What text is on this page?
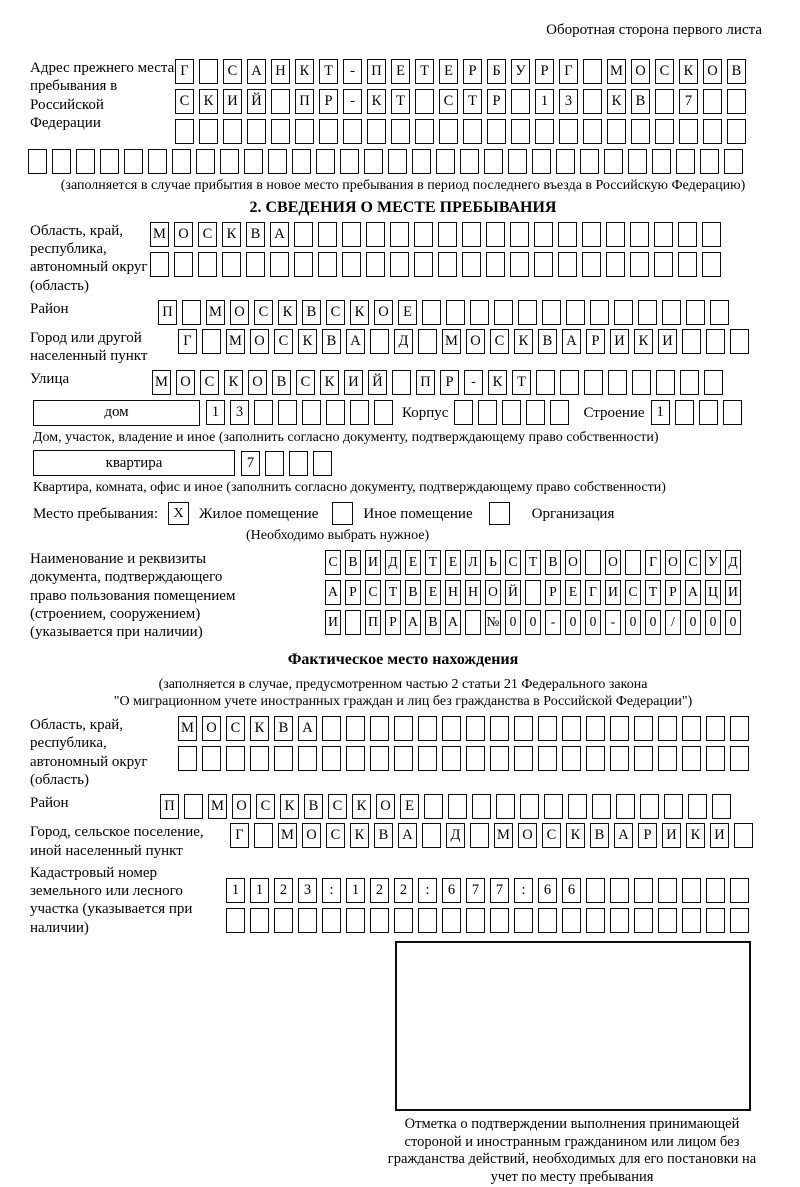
Оборотная сторона первого листа
Адрес прежнего места пребывания в Российской Федерации
Г	С А Н К	Т	-	П Е	Т	Е	Р	Б	У	Р	Г	М О С К О В
С К И Й	П	Р	-	К	Т	С	Т	Р	1	3	К В	7
(заполняется в случае прибытия в новое место пребывания в период последнего въезда в Российскую Федерацию)
2. СВЕДЕНИЯ О МЕСТЕ ПРЕБЫВАНИЯ
Область, край, республика, автономный округ (область)
М О С К В А
Район	П	М О С К В С К О Е
Город или другой населенный пункт
Г	М О С К В А	Д	М О С К В А	Р	И К И
Улица	М О С К О В С К И Й	П	Р	-	К	Т
дом	1	3	Корпус	Строение 1
Дом, участок, владение и иное (заполнить согласно документу, подтверждающему право собственности)
квартира	7
Квартира, комната, офис и иное (заполнить согласно документу, подтверждающему право собственности)
Место пребывания:	X	Жилое помещение	Иное помещение	Организация
(Необходимо выбрать нужное)
Наименование и реквизиты документа, подтверждающего право пользования помещением (строением, сооружением) (указывается при наличии)
С В И Д Е Т Е Л Ь С Т В О О	Г О С У Д
А Р С Т В Е Н Н О Й	Р Е Г И С Т Р А Ц И
И П Р А В А № 0 0	-	0 0	-	0 0	/	0 0 0
Фактическое место нахождения
(заполняется в случае, предусмотренном частью 2 статьи 21 Федерального закона
"О миграционном учете иностранных граждан и лиц без гражданства в Российской Федерации")
Область, край, республика, автономный округ (область)
М О С К В А
Район	П	М О С К В С К О Е
Город, сельское поселение, иной населенный пункт
Г	М О С К В А	Д	М О С К В А	Р	И К И
Кадастровый номер земельного или лесного участка (указывается при наличии)
1	1	2	3	:	1	2	2	:	6	7	7	:	6	6
Отметка о подтверждении выполнения принимающей стороной и иностранным гражданином или лицом без гражданства действий, необходимых для его постановки на учет по месту пребывания
